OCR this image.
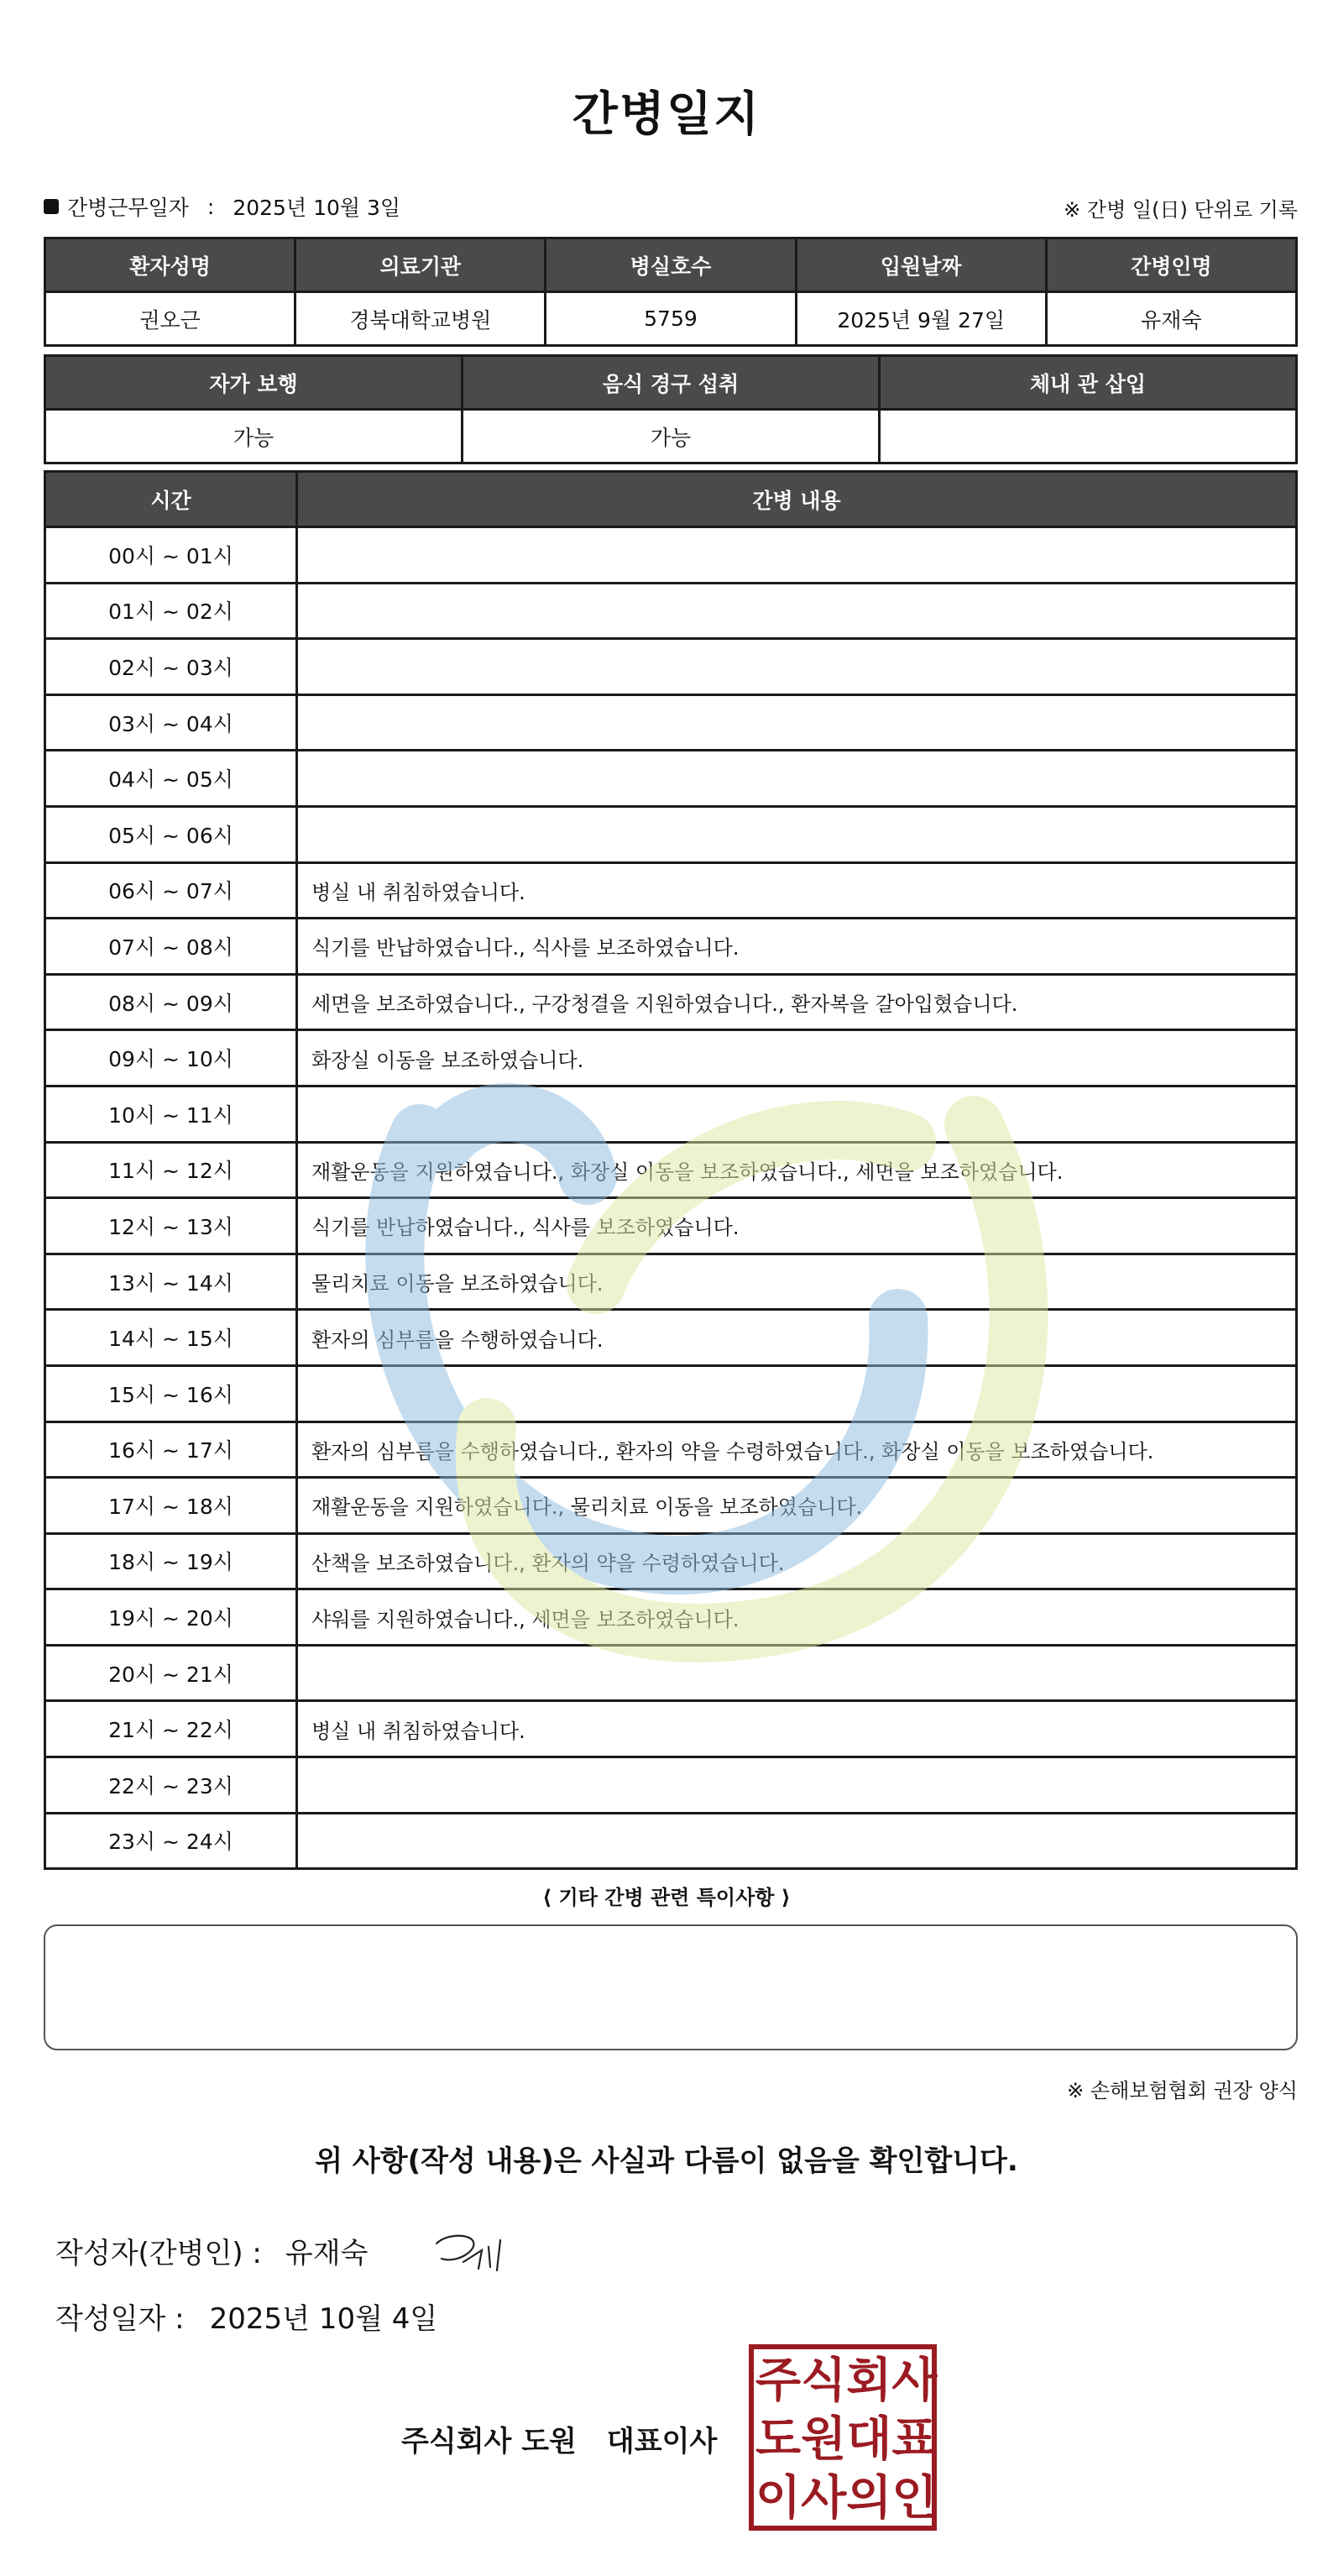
간병일지
간병근무일자 : 2025년 10월 3일	※ 간병 일(日) 단위로 기록
환자성명	의료기관	병실호수	입원날짜	간병인명
권오근	경북대학교병원	5759	2025년 9월 27일	유재숙
자가 보행	음식 경구 섭취	체내 관 삽입
가능	가능	
시간	간병 내용
00시 ~ 01시	
01시 ~ 02시	
02시 ~ 03시	
03시 ~ 04시	
04시 ~ 05시	
05시 ~ 06시	
06시 ~ 07시	병실 내 취침하였습니다.
07시 ~ 08시	식기를 반납하였습니다., 식사를 보조하였습니다.
08시 ~ 09시	세면을 보조하였습니다., 구강청결을 지원하였습니다., 환자복을 갈아입혔습니다.
09시 ~ 10시	화장실 이동을 보조하였습니다.
10시 ~ 11시	
11시 ~ 12시	재활운동을 지원하였습니다., 화장실 이동을 보조하였습니다., 세면을 보조하였습니다.
12시 ~ 13시	식기를 반납하였습니다., 식사를 보조하였습니다.
13시 ~ 14시	물리치료 이동을 보조하였습니다.
14시 ~ 15시	환자의 심부름을 수행하였습니다.
15시 ~ 16시	
16시 ~ 17시	환자의 심부름을 수행하였습니다., 환자의 약을 수령하였습니다., 화장실 이동을 보조하였습니다.
17시 ~ 18시	재활운동을 지원하였습니다., 물리치료 이동을 보조하였습니다.
18시 ~ 19시	산책을 보조하였습니다., 환자의 약을 수령하였습니다.
19시 ~ 20시	샤워를 지원하였습니다., 세면을 보조하였습니다.
20시 ~ 21시	
21시 ~ 22시	병실 내 취침하였습니다.
22시 ~ 23시	
23시 ~ 24시	
⟨ 기타 간병 관련 특이사항 ⟩
※ 손해보험협회 권장 양식
위 사항(작성 내용)은 사실과 다름이 없음을 확인합니다.
작성자(간병인) : 유재숙
작성일자 : 2025년 10월 4일
주식회사 도원 대표이사
주 식 회 사
도 원 대 표
이 사 의 인
